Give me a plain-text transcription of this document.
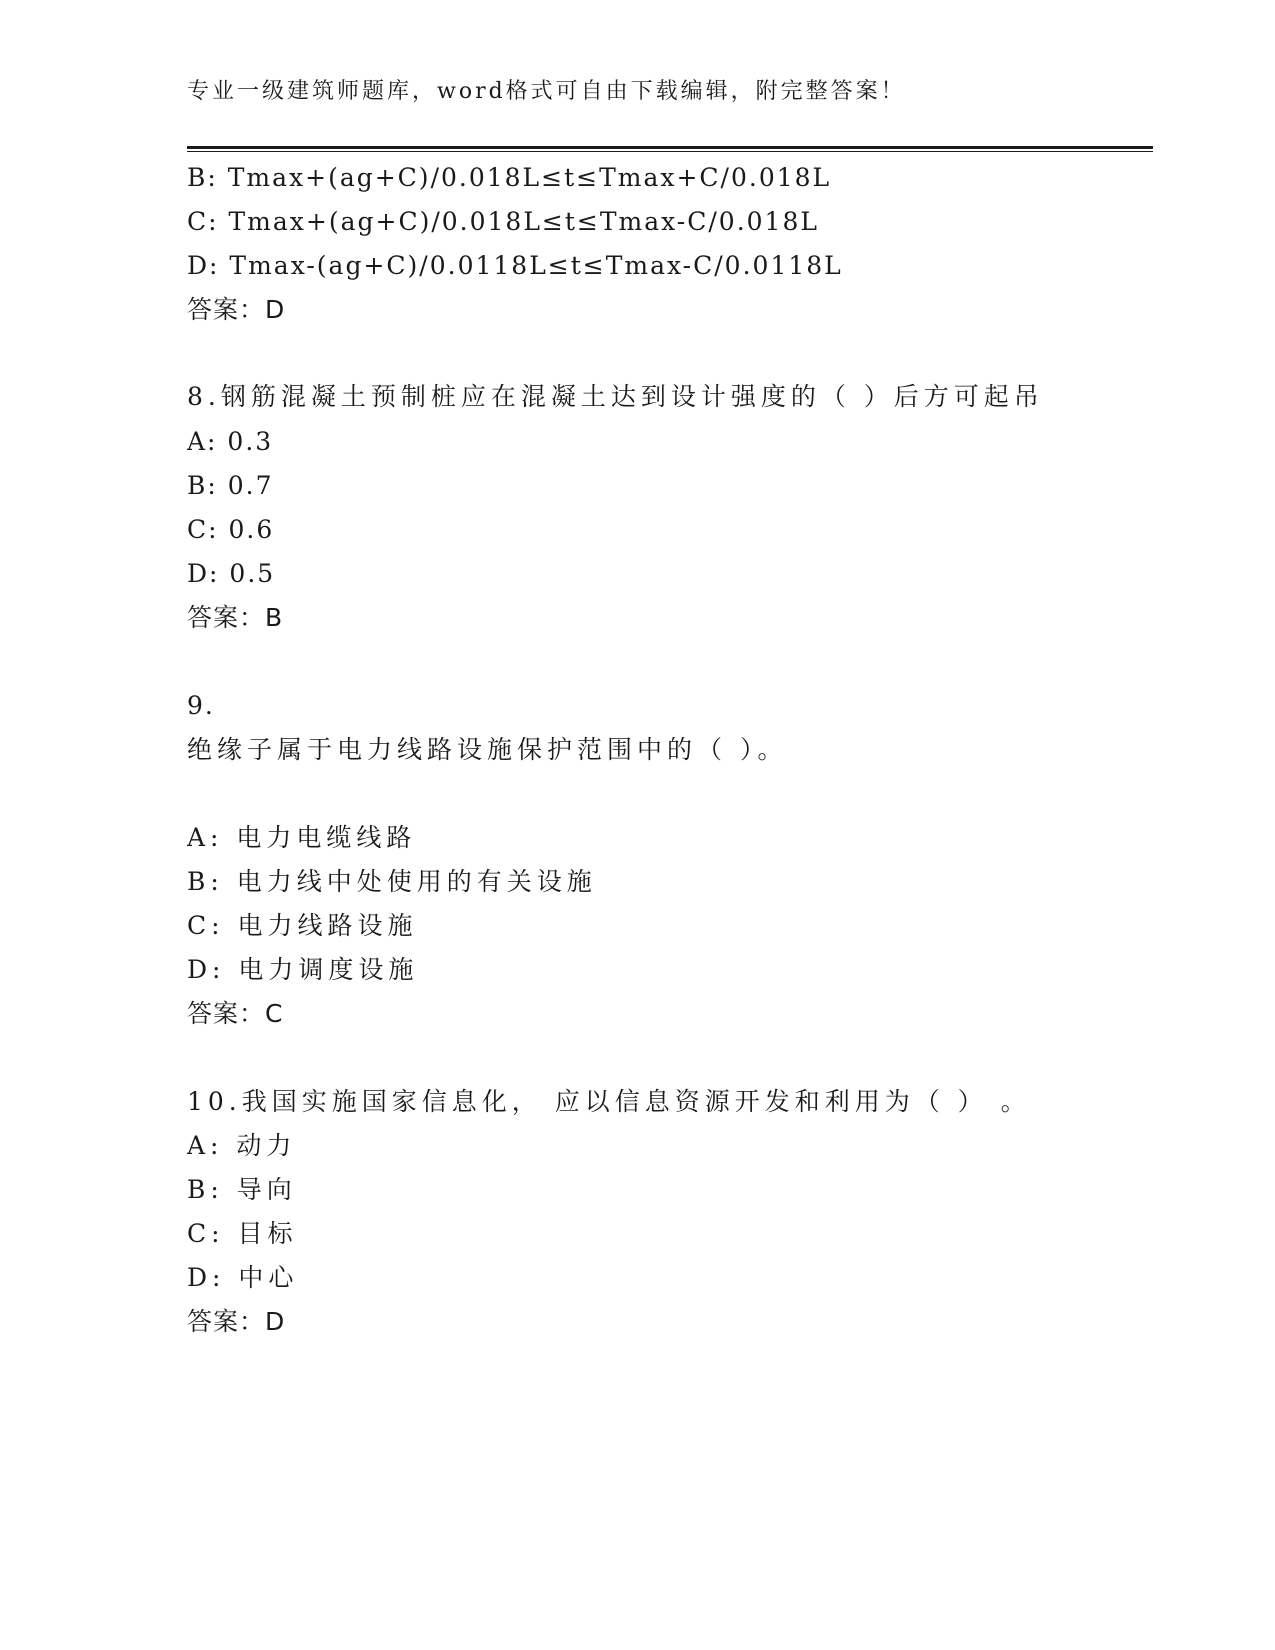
专业一级建筑师题库，word格式可自由下载编辑，附完整答案！
B: Tmax+(ag+C)/0.018L≤t≤Tmax+C/0.018L
C: Tmax+(ag+C)/0.018L≤t≤Tmax-C/0.018L
D: Tmax-(ag+C)/0.0118L≤t≤Tmax-C/0.0118L
答案：D
8.钢筋混凝土预制桩应在混凝土达到设计强度的（ ）后方可起吊
A: 0.3
B: 0.7
C: 0.6
D: 0.5
答案：B
9.
绝缘子属于电力线路设施保护范围中的（ ）。
A: 电力电缆线路
B: 电力线中处使用的有关设施
C: 电力线路设施
D: 电力调度设施
答案：C
10.我国实施国家信息化， 应以信息资源开发和利用为（ ） 。
A: 动力
B: 导向
C: 目标
D: 中心
答案：D
